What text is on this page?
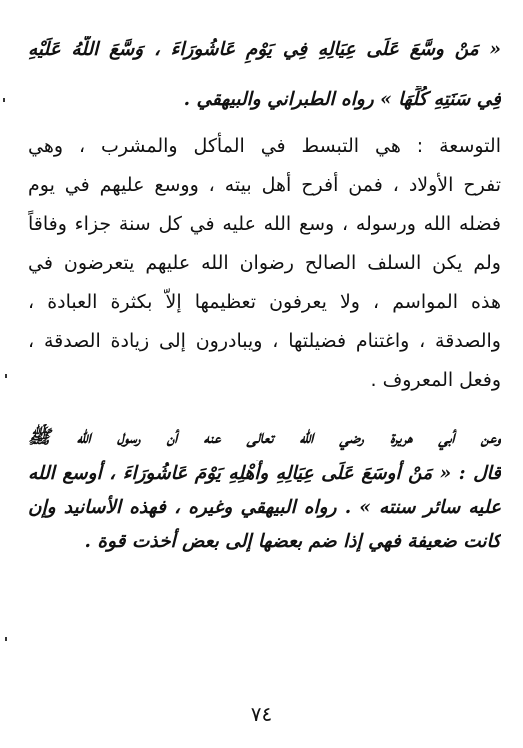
« مَنْ وسَّعَ عَلَى عِيَالِهِ فِي يَوْمِ عَاشُورَاءَ ، وَسَّعَ اللَّهُ عَلَيْهِ
فِي سَنَتِهِ كُلِّهَا » رواه الطبراني والبيهقي .
التوسعة : هي التبسط في المأكل والمشرب ، وهي
تفرح الأولاد ، فمن أفرح أهل بيته ، ووسع عليهم في يوم
فضله الله ورسوله ، وسع الله عليه في كل سنة جزاء وفاقاً
ولم يكن السلف الصالح رضوان الله عليهم يتعرضون في
هذه المواسم ، ولا يعرفون تعظيمها إلاّ بكثرة العبادة ،
والصدقة ، واغتنام فضيلتها ، ويبادرون إلى زيادة الصدقة ،
وفعل المعروف .
وعن أبي هريرة رضي الله تعالى عنه أن رسول الله ﷺ
قال : « مَنْ أوسَعَ عَلَى عِيَالِهِ وأَهْلِهِ يَوْمَ عَاشُورَاءَ ، أوسع الله
عليه سائر سنته » . رواه البيهقي وغيره ، فهذه الأسانيد وإن
كانت ضعيفة فهي إذا ضم بعضها إلى بعض أخذت قوة .
٧٤
